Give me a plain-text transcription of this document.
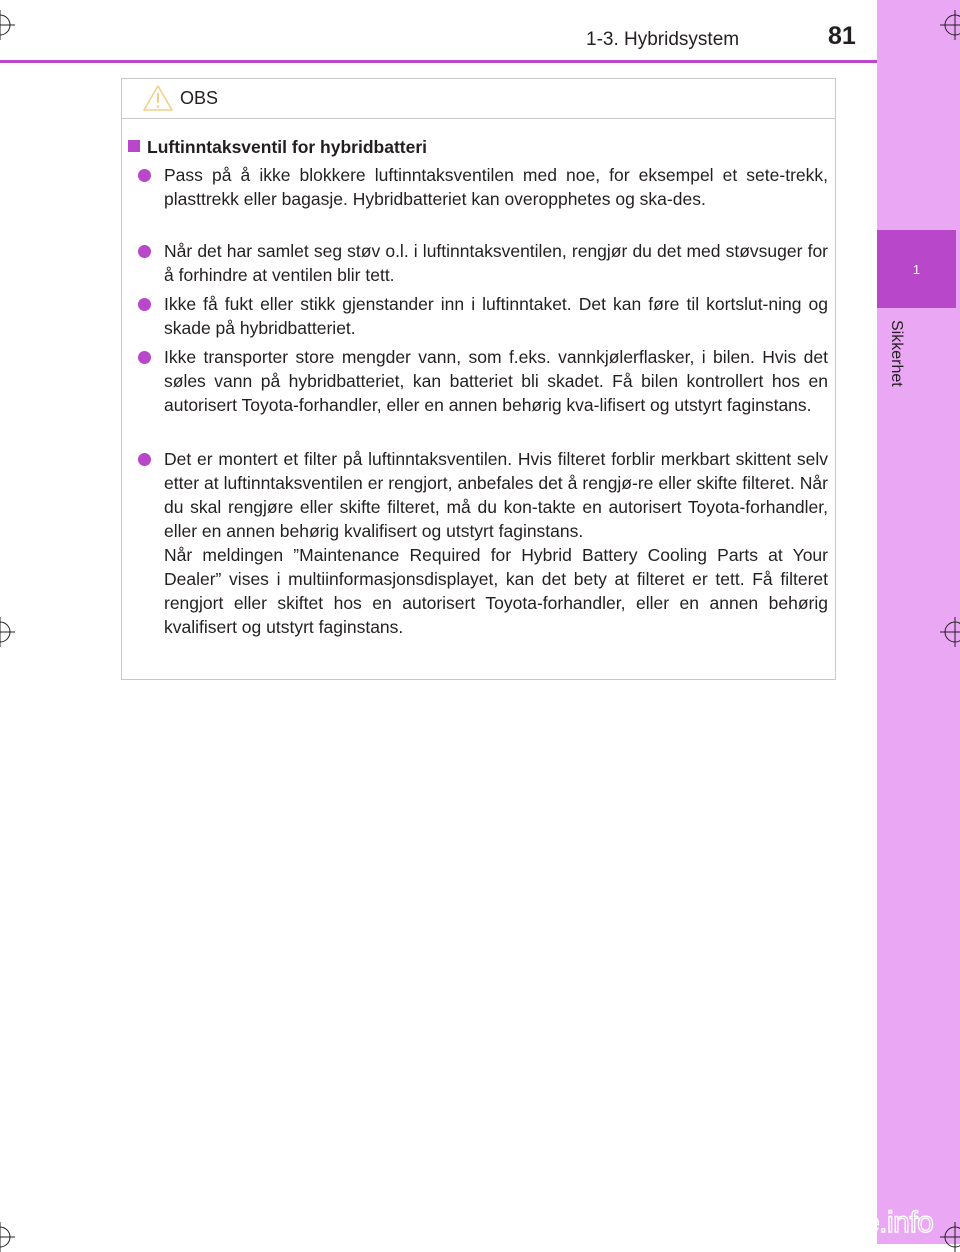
1
Sikkerhet
1-3. Hybridsystem	81
OBS
Luftinntaksventil for hybridbatteri
Pass på å ikke blokkere luftinntaksventilen med noe, for eksempel et sete-trekk, plasttrekk eller bagasje. Hybridbatteriet kan overopphetes og ska-des.
Når det har samlet seg støv o.l. i luftinntaksventilen, rengjør du det med støvsuger for å forhindre at ventilen blir tett.
Ikke få fukt eller stikk gjenstander inn i luftinntaket. Det kan føre til kortslut-ning og skade på hybridbatteriet.
Ikke transporter store mengder vann, som f.eks. vannkjølerflasker, i bilen. Hvis det søles vann på hybridbatteriet, kan batteriet bli skadet. Få bilen kontrollert hos en autorisert Toyota-forhandler, eller en annen behørig kva-lifisert og utstyrt faginstans.
Det er montert et filter på luftinntaksventilen. Hvis filteret forblir merkbart skittent selv etter at luftinntaksventilen er rengjort, anbefales det å rengjø-re eller skifte filteret. Når du skal rengjøre eller skifte filteret, må du kon-takte en autorisert Toyota-forhandler, eller en annen behørig kvalifisert og utstyrt faginstans.
Når meldingen ”Maintenance Required for Hybrid Battery Cooling Parts at Your Dealer” vises i multiinformasjonsdisplayet, kan det bety at filteret er tett. Få filteret rengjort eller skiftet hos en autorisert Toyota-forhandler, eller en annen behørig kvalifisert og utstyrt faginstans.
carmanualsonline.info
